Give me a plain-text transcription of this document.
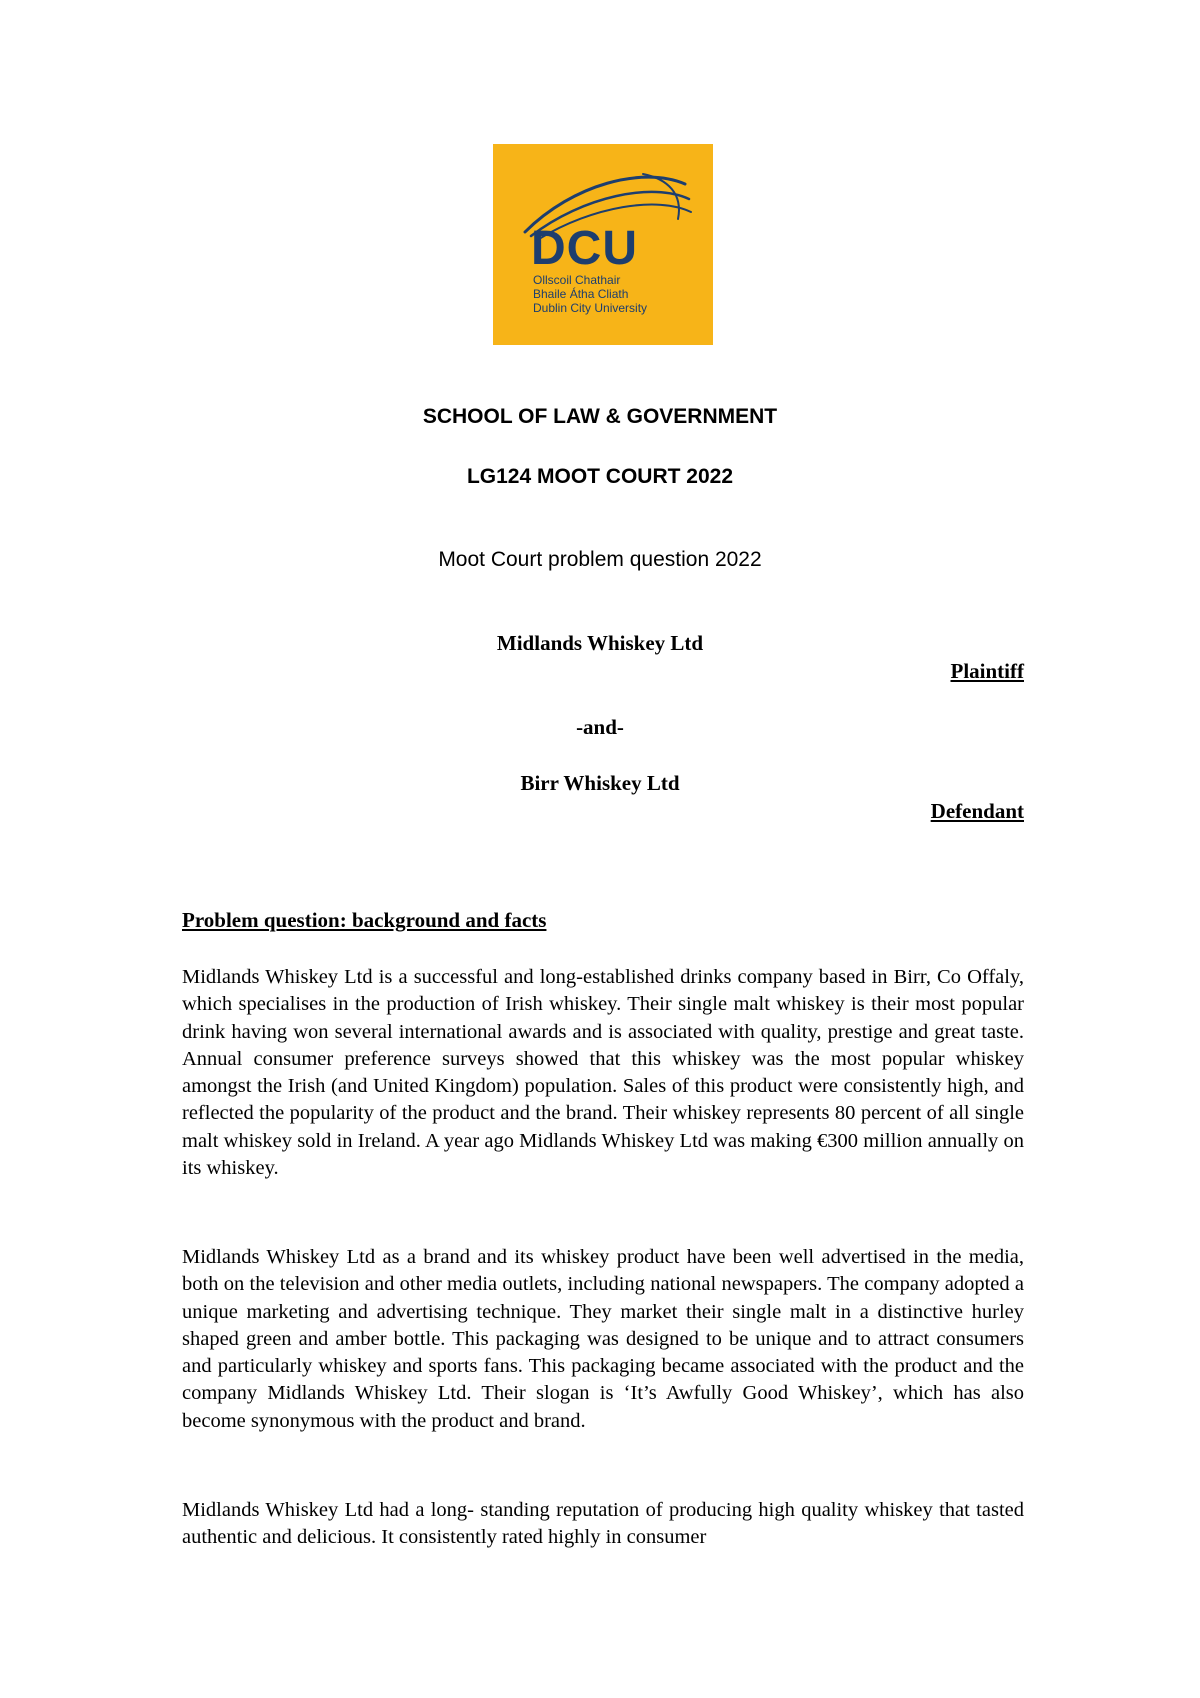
DCU
Ollscoil Chathair
Bhaile Átha Cliath
Dublin City University
SCHOOL OF LAW & GOVERNMENT
LG124 MOOT COURT 2022
Moot Court problem question 2022
Midlands Whiskey Ltd
Plaintiff
-and-
Birr Whiskey Ltd
Defendant
Problem question: background and facts

Midlands Whiskey Ltd is a successful and long-established drinks company based in Birr, Co Offaly, which specialises in the production of Irish whiskey. Their single malt whiskey is their most popular drink having won several international awards and is associated with quality, prestige and great taste. Annual consumer preference surveys showed that this whiskey was the most popular whiskey amongst the Irish (and United Kingdom) population. Sales of this product were consistently high, and reflected the popularity of the product and the brand. Their whiskey represents 80 percent of all single malt whiskey sold in Ireland. A year ago Midlands Whiskey Ltd was making €300 million annually on its whiskey.

Midlands Whiskey Ltd as a brand and its whiskey product have been well advertised in the media, both on the television and other media outlets, including national newspapers. The company adopted a unique marketing and advertising technique. They market their single malt in a distinctive hurley shaped green and amber bottle. This packaging was designed to be unique and to attract consumers and particularly whiskey and sports fans. This packaging became associated with the product and the company Midlands Whiskey Ltd. Their slogan is ‘It’s Awfully Good Whiskey’, which has also become synonymous with the product and brand.

Midlands Whiskey Ltd had a long- standing reputation of producing high quality whiskey that tasted authentic and delicious. It consistently rated highly in consumer
